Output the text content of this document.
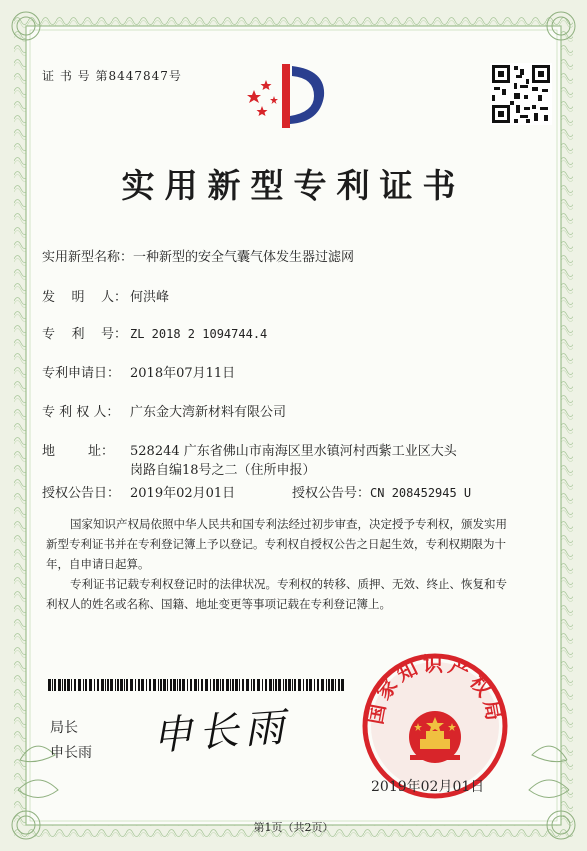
证 书 号 第8447847号
实用新型专利证书
实用新型名称：一种新型的安全气囊气体发生器过滤网
发    明    人： 何洪峰
专    利    号： ZL 2018 2 1094744.4
专利申请日： 2018年07月11日
专 利 权 人： 广东金大湾新材料有限公司
地        址： 528244 广东省佛山市南海区里水镇河村西紫工业区大头
岗路自编18号之二（住所申报）
授权公告日： 2019年02月01日	授权公告号：CN 208452945 U
国家知识产权局依照中华人民共和国专利法经过初步审查，决定授予专利权，颁发实用
新型专利证书并在专利登记簿上予以登记。专利权自授权公告之日起生效，专利权期限为十
年，自申请日起算。
专利证书记载专利权登记时的法律状况。专利权的转移、质押、无效、终止、恢复和专
利权人的姓名或名称、国籍、地址变更等事项记载在专利登记簿上。
局长
申长雨 申长雨	国家知识产权局
2019年02月01日
第1页（共2页）
